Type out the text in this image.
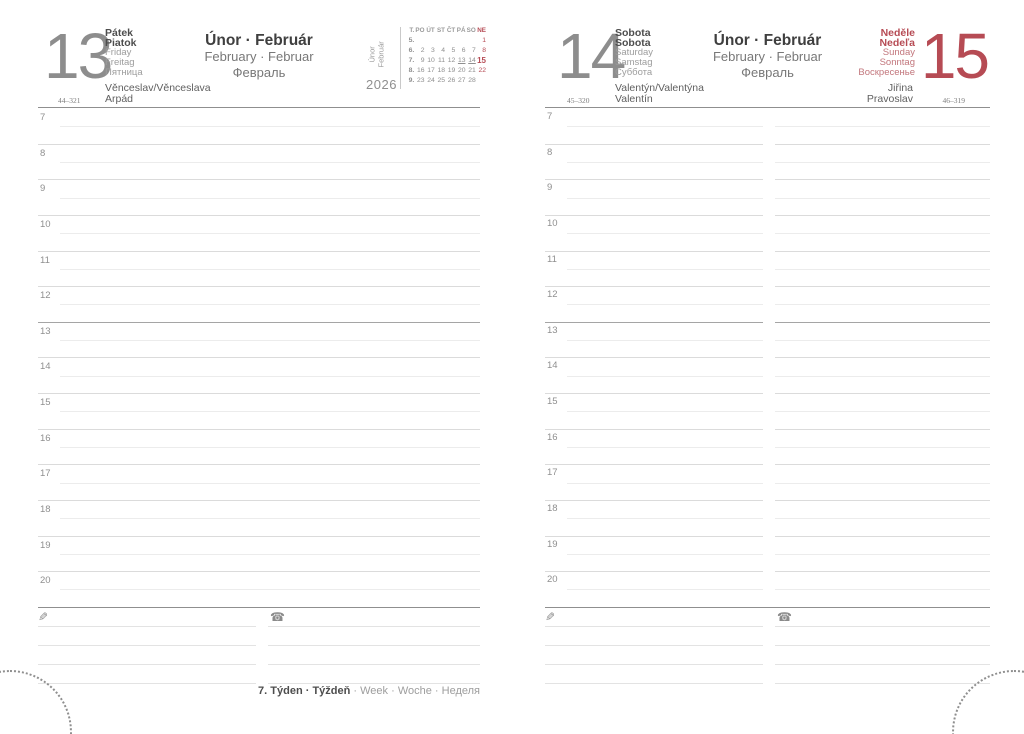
13
Pátek
Piatok
Friday
Freitag
Пятница
Únor · Február
February · Februar
Февраль
Únor
Február
2026
T.	PO	ÚT	ST	ČT	PÁ	SO	NE
5.							1
6.	2	3	4	5	6	7	8
7.	9	10	11	12	13	14	15
8.	16	17	18	19	20	21	22
9.	23	24	25	26	27	28	
44–321
Věnceslav/Věnceslava
Arpád
7
8
9
10
11
12
13
14
15
16
17
18
19
20
✎	☎
7. Týden · Týždeň · Week · Woche · Неделя
14
Sobota
Sobota
Saturday
Samstag
Суббота
Únor · Február
February · Februar
Февраль
Neděle
Nedeľa
Sunday
Sonntag
Воскресенье 15
45–320
Valentýn/Valentýna
Valentín
Jiřina
Pravoslav	46–319
7
8
9
10
11
12
13
14
15
16
17
18
19
20
✎	☎
